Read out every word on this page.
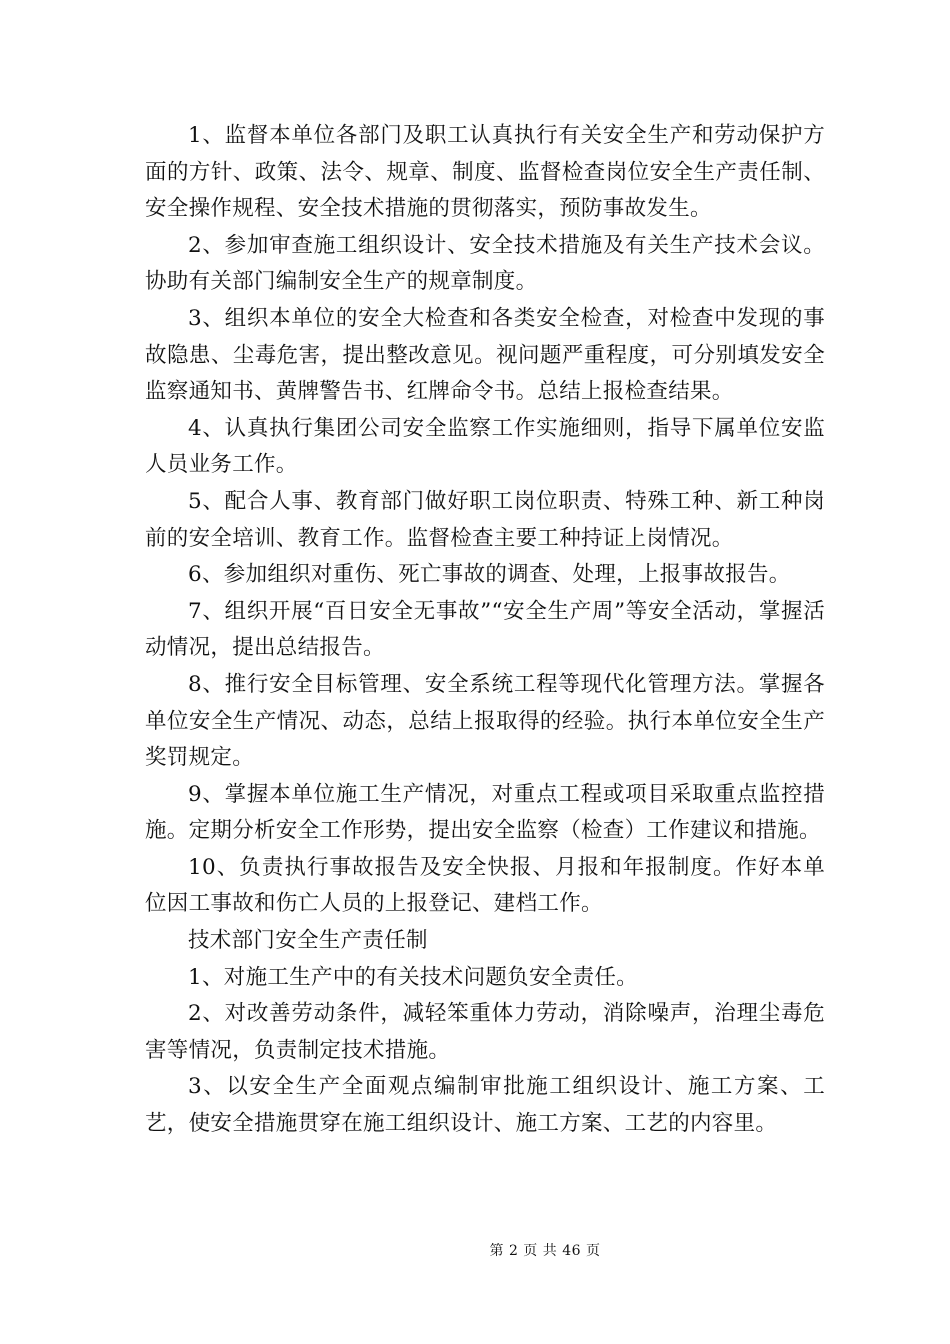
1、监督本单位各部门及职工认真执行有关安全生产和劳动保护方面的方针、政策、法令、规章、制度、监督检查岗位安全生产责任制、安全操作规程、安全技术措施的贯彻落实，预防事故发生。

2、参加审查施工组织设计、安全技术措施及有关生产技术会议。协助有关部门编制安全生产的规章制度。

3、组织本单位的安全大检查和各类安全检查，对检查中发现的事故隐患、尘毒危害，提出整改意见。视问题严重程度，可分别填发安全监察通知书、黄牌警告书、红牌命令书。总结上报检查结果。

4、认真执行集团公司安全监察工作实施细则，指导下属单位安监人员业务工作。

5、配合人事、教育部门做好职工岗位职责、特殊工种、新工种岗前的安全培训、教育工作。监督检查主要工种持证上岗情况。

6、参加组织对重伤、死亡事故的调查、处理，上报事故报告。

7、组织开展“百日安全无事故”“安全生产周”等安全活动，掌握活动情况，提出总结报告。

8、推行安全目标管理、安全系统工程等现代化管理方法。掌握各单位安全生产情况、动态，总结上报取得的经验。执行本单位安全生产奖罚规定。

9、掌握本单位施工生产情况，对重点工程或项目采取重点监控措施。定期分析安全工作形势，提出安全监察（检查）工作建议和措施。

10、负责执行事故报告及安全快报、月报和年报制度。作好本单位因工事故和伤亡人员的上报登记、建档工作。

技术部门安全生产责任制

1、对施工生产中的有关技术问题负安全责任。

2、对改善劳动条件，减轻笨重体力劳动，消除噪声，治理尘毒危害等情况，负责制定技术措施。

3、以安全生产全面观点编制审批施工组织设计、施工方案、工艺，使安全措施贯穿在施工组织设计、施工方案、工艺的内容里。

第 2 页 共 46 页
